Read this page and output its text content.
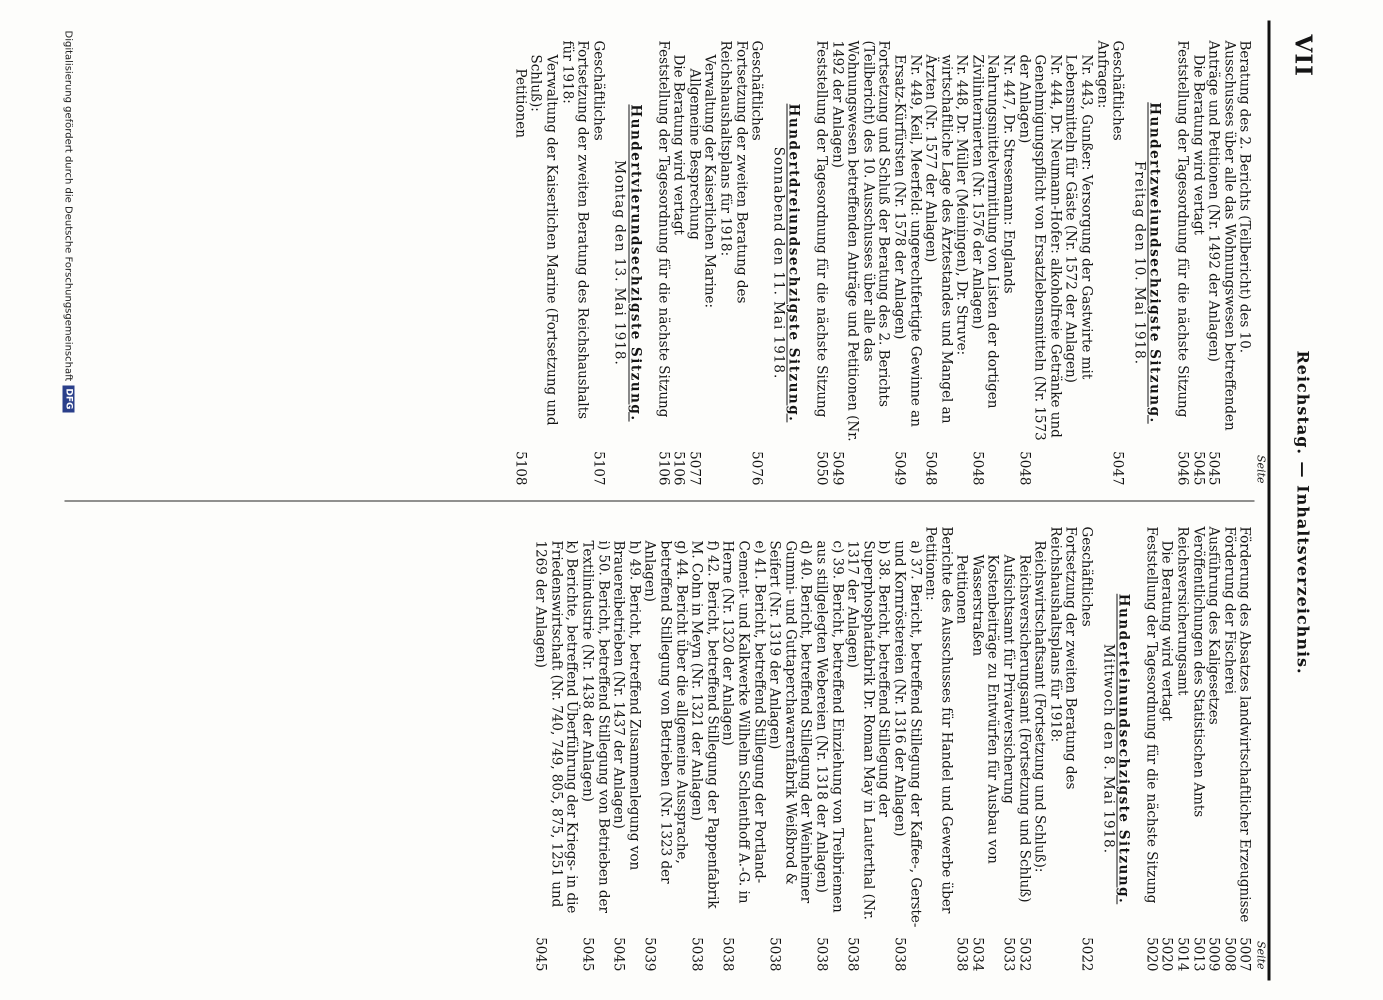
VII
Reichstag. — Inhaltsverzeichnis.
Seite
Beratung des 2. Berichts (Teilbericht) des 10. Ausschusses über alle das Wohnungswesen betreffenden Anträge und Petitionen (Nr. 1492 der Anlagen)
5045
Die Beratung wird vertagt
5045
Feststellung der Tagesordnung für die nächste Sitzung
5046
Hundertzweiundsechzigste Sitzung.
Freitag den 10. Mai 1918.
Geschäftliches
5047
Anfragen:
Nr. 443, Gunßer: Versorgung der Gastwirte mit Lebensmitteln für Gäste (Nr. 1572 der Anlagen)
Nr. 444, Dr. Neumann-Hofer: alkoholfreie Getränke und Genehmigungspflicht von Ersatzlebensmitteln (Nr. 1573 der Anlagen)
5048
Nr. 447, Dr. Stresemann: Englands Nahrungsmittelvermittlung von Listen der dortigen Zivilinternierten (Nr. 1576 der Anlagen)
5048
Nr. 448, Dr. Müller (Meiningen), Dr. Struve: wirtschaftliche Lage des Ärztestandes und Mangel an Ärzten (Nr. 1577 der Anlagen)
5048
Nr. 449, Keil, Meerfeld: ungerechtfertigte Gewinne an Ersatz-Kürfürsten (Nr. 1578 der Anlagen)
5049
Fortsetzung und Schluß der Beratung des 2. Berichts (Teilbericht) des 10. Ausschusses über alle das Wohnungswesen betreffenden Anträge und Petitionen (Nr. 1492 der Anlagen)
5049
Feststellung der Tagesordnung für die nächste Sitzung
5050
Hundertdreiundsechzigste Sitzung.
Sonnabend den 11. Mai 1918.
Geschäftliches
5076
Fortsetzung der zweiten Beratung des Reichshaushaltsplans für 1918:
Verwaltung der Kaiserlichen Marine:
Allgemeine Besprechung
5077
Die Beratung wird vertagt
5106
Feststellung der Tagesordnung für die nächste Sitzung
5106
Hundertvierundsechzigste Sitzung.
Montag den 13. Mai 1918.
Geschäftliches
5107
Fortsetzung der zweiten Beratung des Reichshaushalts für 1918:
Verwaltung der Kaiserlichen Marine (Fortsetzung und Schluß):
Petitionen
5108
Seite
Förderung des Absatzes landwirtschaftlicher Erzeugnisse
5007
Förderung der Fischerei
5008
Ausführung des Kaligesetzes
5009
Veröffentlichungen des Statistischen Amts
5013
Reichsversicherungsamt
5014
Die Beratung wird vertagt
5020
Feststellung der Tagesordnung für die nächste Sitzung
5020
Hunderteinundsechzigste Sitzung.
Mittwoch den 8. Mai 1918.
Geschäftliches
5022
Fortsetzung der zweiten Beratung des Reichshaushaltsplans für 1918:
Reichswirtschaftsamt (Fortsetzung und Schluß):
Reichsversicherungsamt (Fortsetzung und Schluß)
5032
Aufsichtsamt für Privatversicherung
5033
Kostenbeiträge zu Entwürfen für Ausbau von Wasserstraßen
5034
Petitionen
5038
Berichte des Ausschusses für Handel und Gewerbe über Petitionen:
a) 37. Bericht, betreffend Stillegung der Kaffee-, Gerste- und Kornröstereien (Nr. 1316 der Anlagen)
5038
b) 38. Bericht, betreffend Stillegung der Superphosphatfabrik Dr. Roman May in Lauterthal (Nr. 1317 der Anlagen)
5038
c) 39. Bericht, betreffend Einziehung von Treibriemen aus stillgelegten Webereien (Nr. 1318 der Anlagen)
5038
d) 40. Bericht, betreffend Stillegung der Weinheimer Gummi- und Guttaperchawarenfabrik Weißbrod & Seifert (Nr. 1319 der Anlagen)
5038
e) 41. Bericht, betreffend Stillegung der Portland-Cement- und Kalkwerke Wilhelm Schlenthoff A.-G. in Herne (Nr. 1320 der Anlagen)
5038
f) 42. Bericht, betreffend Stillegung der Pappenfabrik M. Cohn in Meyn (Nr. 1321 der Anlagen)
5038
g) 44. Bericht über die allgemeine Aussprache, betreffend Stillegung von Betrieben (Nr. 1323 der Anlagen)
5039
h) 49. Bericht, betreffend Zusammenlegung von Brauereibetrieben (Nr. 1437 der Anlagen)
5045
i) 50. Bericht, betreffend Stillegung von Betrieben der Textilindustrie (Nr. 1438 der Anlagen)
5045
k) Berichte, betreffend Überführung der Kriegs- in die Friedenswirtschaft (Nr. 740, 749, 805, 875, 1251 und 1269 der Anlagen)
5045
Digitalisierung gefördert durch die Deutsche Forschungsgemeinschaft
DFG
